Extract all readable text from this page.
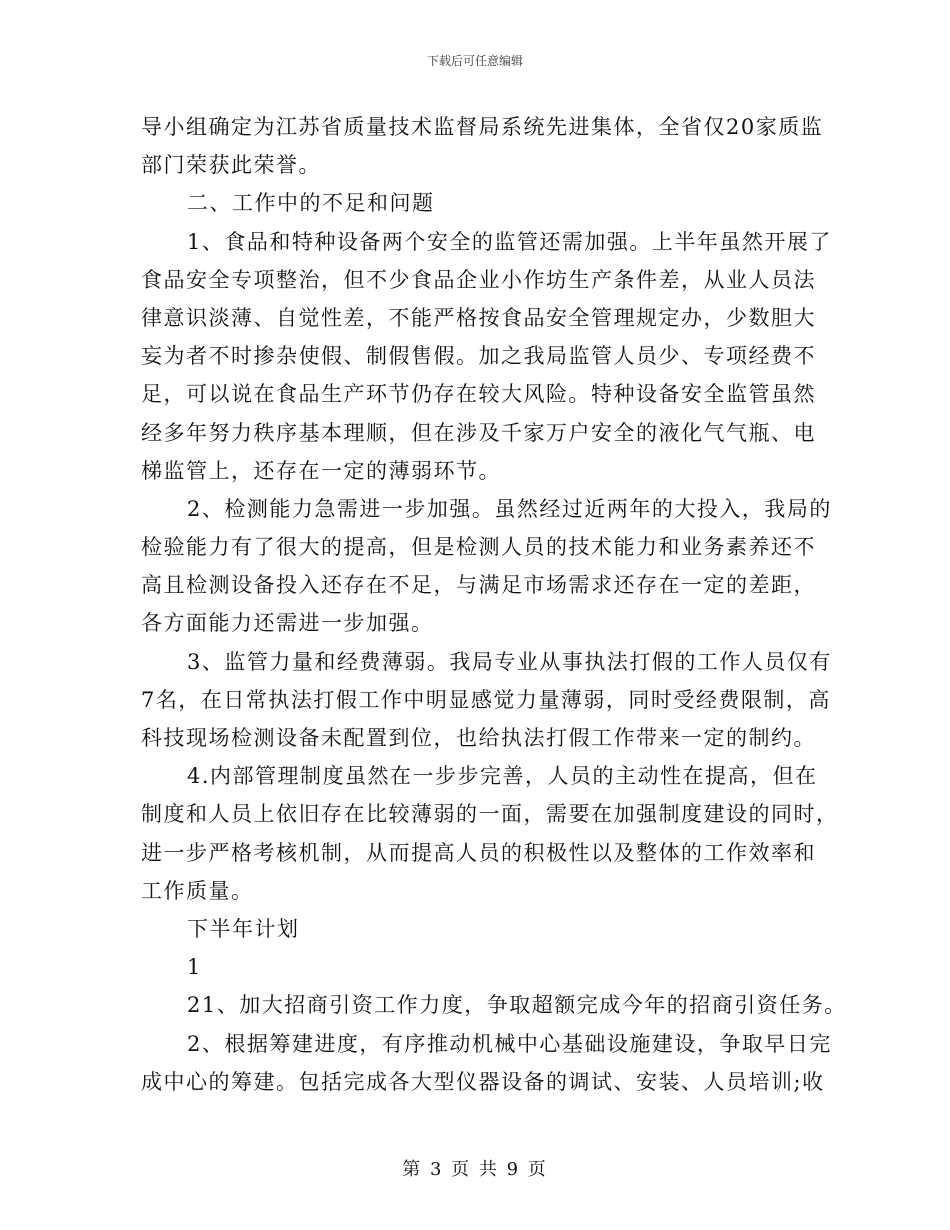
下载后可任意编辑
导小组确定为江苏省质量技术监督局系统先进集体，全省仅20家质监
部门荣获此荣誉。
二、工作中的不足和问题
1、食品和特种设备两个安全的监管还需加强。上半年虽然开展了
食品安全专项整治，但不少食品企业小作坊生产条件差，从业人员法
律意识淡薄、自觉性差，不能严格按食品安全管理规定办，少数胆大
妄为者不时掺杂使假、制假售假。加之我局监管人员少、专项经费不
足，可以说在食品生产环节仍存在较大风险。特种设备安全监管虽然
经多年努力秩序基本理顺，但在涉及千家万户安全的液化气气瓶、电
梯监管上，还存在一定的薄弱环节。
2、检测能力急需进一步加强。虽然经过近两年的大投入，我局的
检验能力有了很大的提高，但是检测人员的技术能力和业务素养还不
高且检测设备投入还存在不足，与满足市场需求还存在一定的差距，
各方面能力还需进一步加强。
3、监管力量和经费薄弱。我局专业从事执法打假的工作人员仅有
7名，在日常执法打假工作中明显感觉力量薄弱，同时受经费限制，高
科技现场检测设备未配置到位，也给执法打假工作带来一定的制约。
4.内部管理制度虽然在一步步完善，人员的主动性在提高，但在
制度和人员上依旧存在比较薄弱的一面，需要在加强制度建设的同时，
进一步严格考核机制，从而提高人员的积极性以及整体的工作效率和
工作质量。
下半年计划
1
21、加大招商引资工作力度，争取超额完成今年的招商引资任务。
2、根据筹建进度，有序推动机械中心基础设施建设，争取早日完
成中心的筹建。包括完成各大型仪器设备的调试、安装、人员培训;收
第 3 页 共 9 页
